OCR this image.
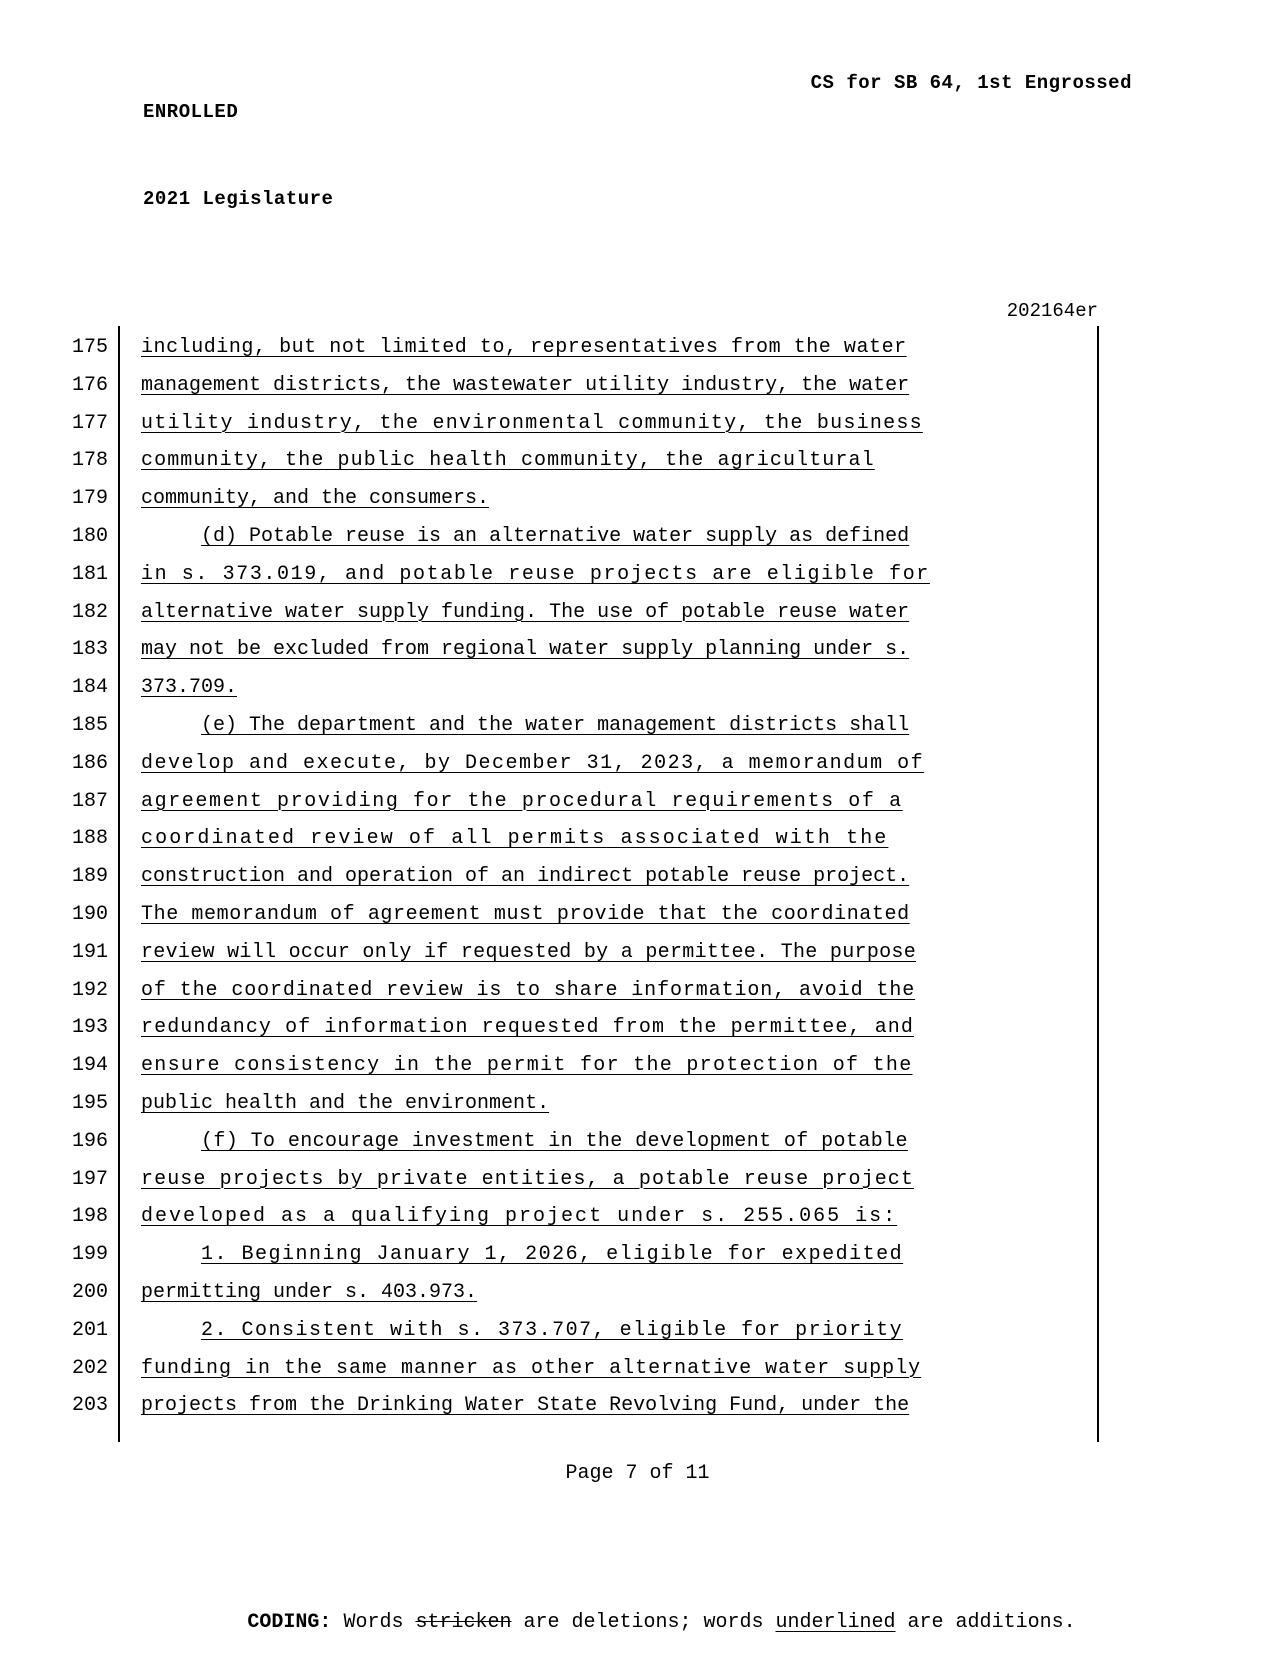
ENROLLED

2021 Legislature

CS for SB 64, 1st Engrossed
202164er
175 including, but not limited to, representatives from the water
176 management districts, the wastewater utility industry, the water
177 utility industry, the environmental community, the business
178 community, the public health community, the agricultural
179 community, and the consumers.
180	(d) Potable reuse is an alternative water supply as defined
181 in s. 373.019, and potable reuse projects are eligible for
182 alternative water supply funding. The use of potable reuse water
183 may not be excluded from regional water supply planning under s.
184 373.709.
185	(e) The department and the water management districts shall
186 develop and execute, by December 31, 2023, a memorandum of
187 agreement providing for the procedural requirements of a
188 coordinated review of all permits associated with the
189 construction and operation of an indirect potable reuse project.
190 The memorandum of agreement must provide that the coordinated
191 review will occur only if requested by a permittee. The purpose
192 of the coordinated review is to share information, avoid the
193 redundancy of information requested from the permittee, and
194 ensure consistency in the permit for the protection of the
195 public health and the environment.
196	(f) To encourage investment in the development of potable
197 reuse projects by private entities, a potable reuse project
198 developed as a qualifying project under s. 255.065 is:
199	1. Beginning January 1, 2026, eligible for expedited
200 permitting under s. 403.973.
201	2. Consistent with s. 373.707, eligible for priority
202 funding in the same manner as other alternative water supply
203 projects from the Drinking Water State Revolving Fund, under the
Page 7 of 11

CODING: Words stricken are deletions; words underlined are additions.
